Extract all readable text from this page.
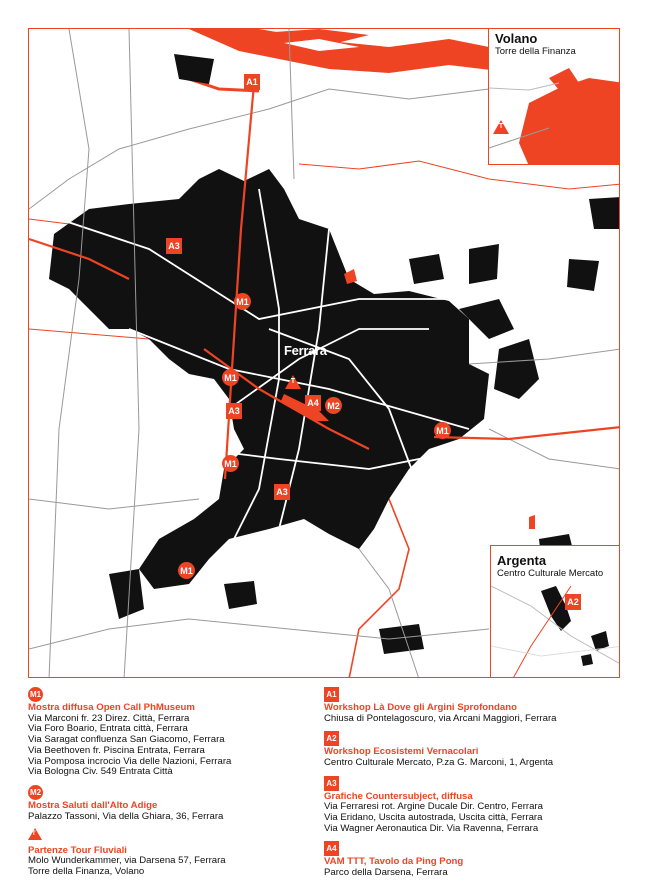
Ferrara
A1
A3
M1
M1	T
A4 M2
A3
M1
M1
A3
M1
Volano
Torre della Finanza
T
Argenta
Centro Culturale Mercato
A2
M1
Mostra diffusa Open Call PhMuseum
Via Marconi fr. 23 Direz. Città, Ferrara
Via Foro Boario, Entrata città, Ferrara
Via Saragat confluenza San Giacomo, Ferrara
Via Beethoven fr. Piscina Entrata, Ferrara
Via Pomposa incrocio Via delle Nazioni, Ferrara
Via Bologna Civ. 549 Entrata Città
M2
Mostra Saluti dall'Alto Adige
Palazzo Tassoni, Via della Ghiara, 36, Ferrara
T
Partenze Tour Fluviali
Molo Wunderkammer, via Darsena 57, Ferrara
Torre della Finanza, Volano
A1
Workshop Là Dove gli Argini Sprofondano
Chiusa di Pontelagoscuro, via Arcani Maggiori, Ferrara
A2
Workshop Ecosistemi Vernacolari
Centro Culturale Mercato, P.za G. Marconi, 1, Argenta
A3
Grafiche Countersubject, diffusa
Via Ferraresi rot. Argine Ducale Dir. Centro, Ferrara
Via Eridano, Uscita autostrada, Uscita città, Ferrara
Via Wagner Aeronautica Dir. Via Ravenna, Ferrara
A4
VAM TTT, Tavolo da Ping Pong
Parco della Darsena, Ferrara
